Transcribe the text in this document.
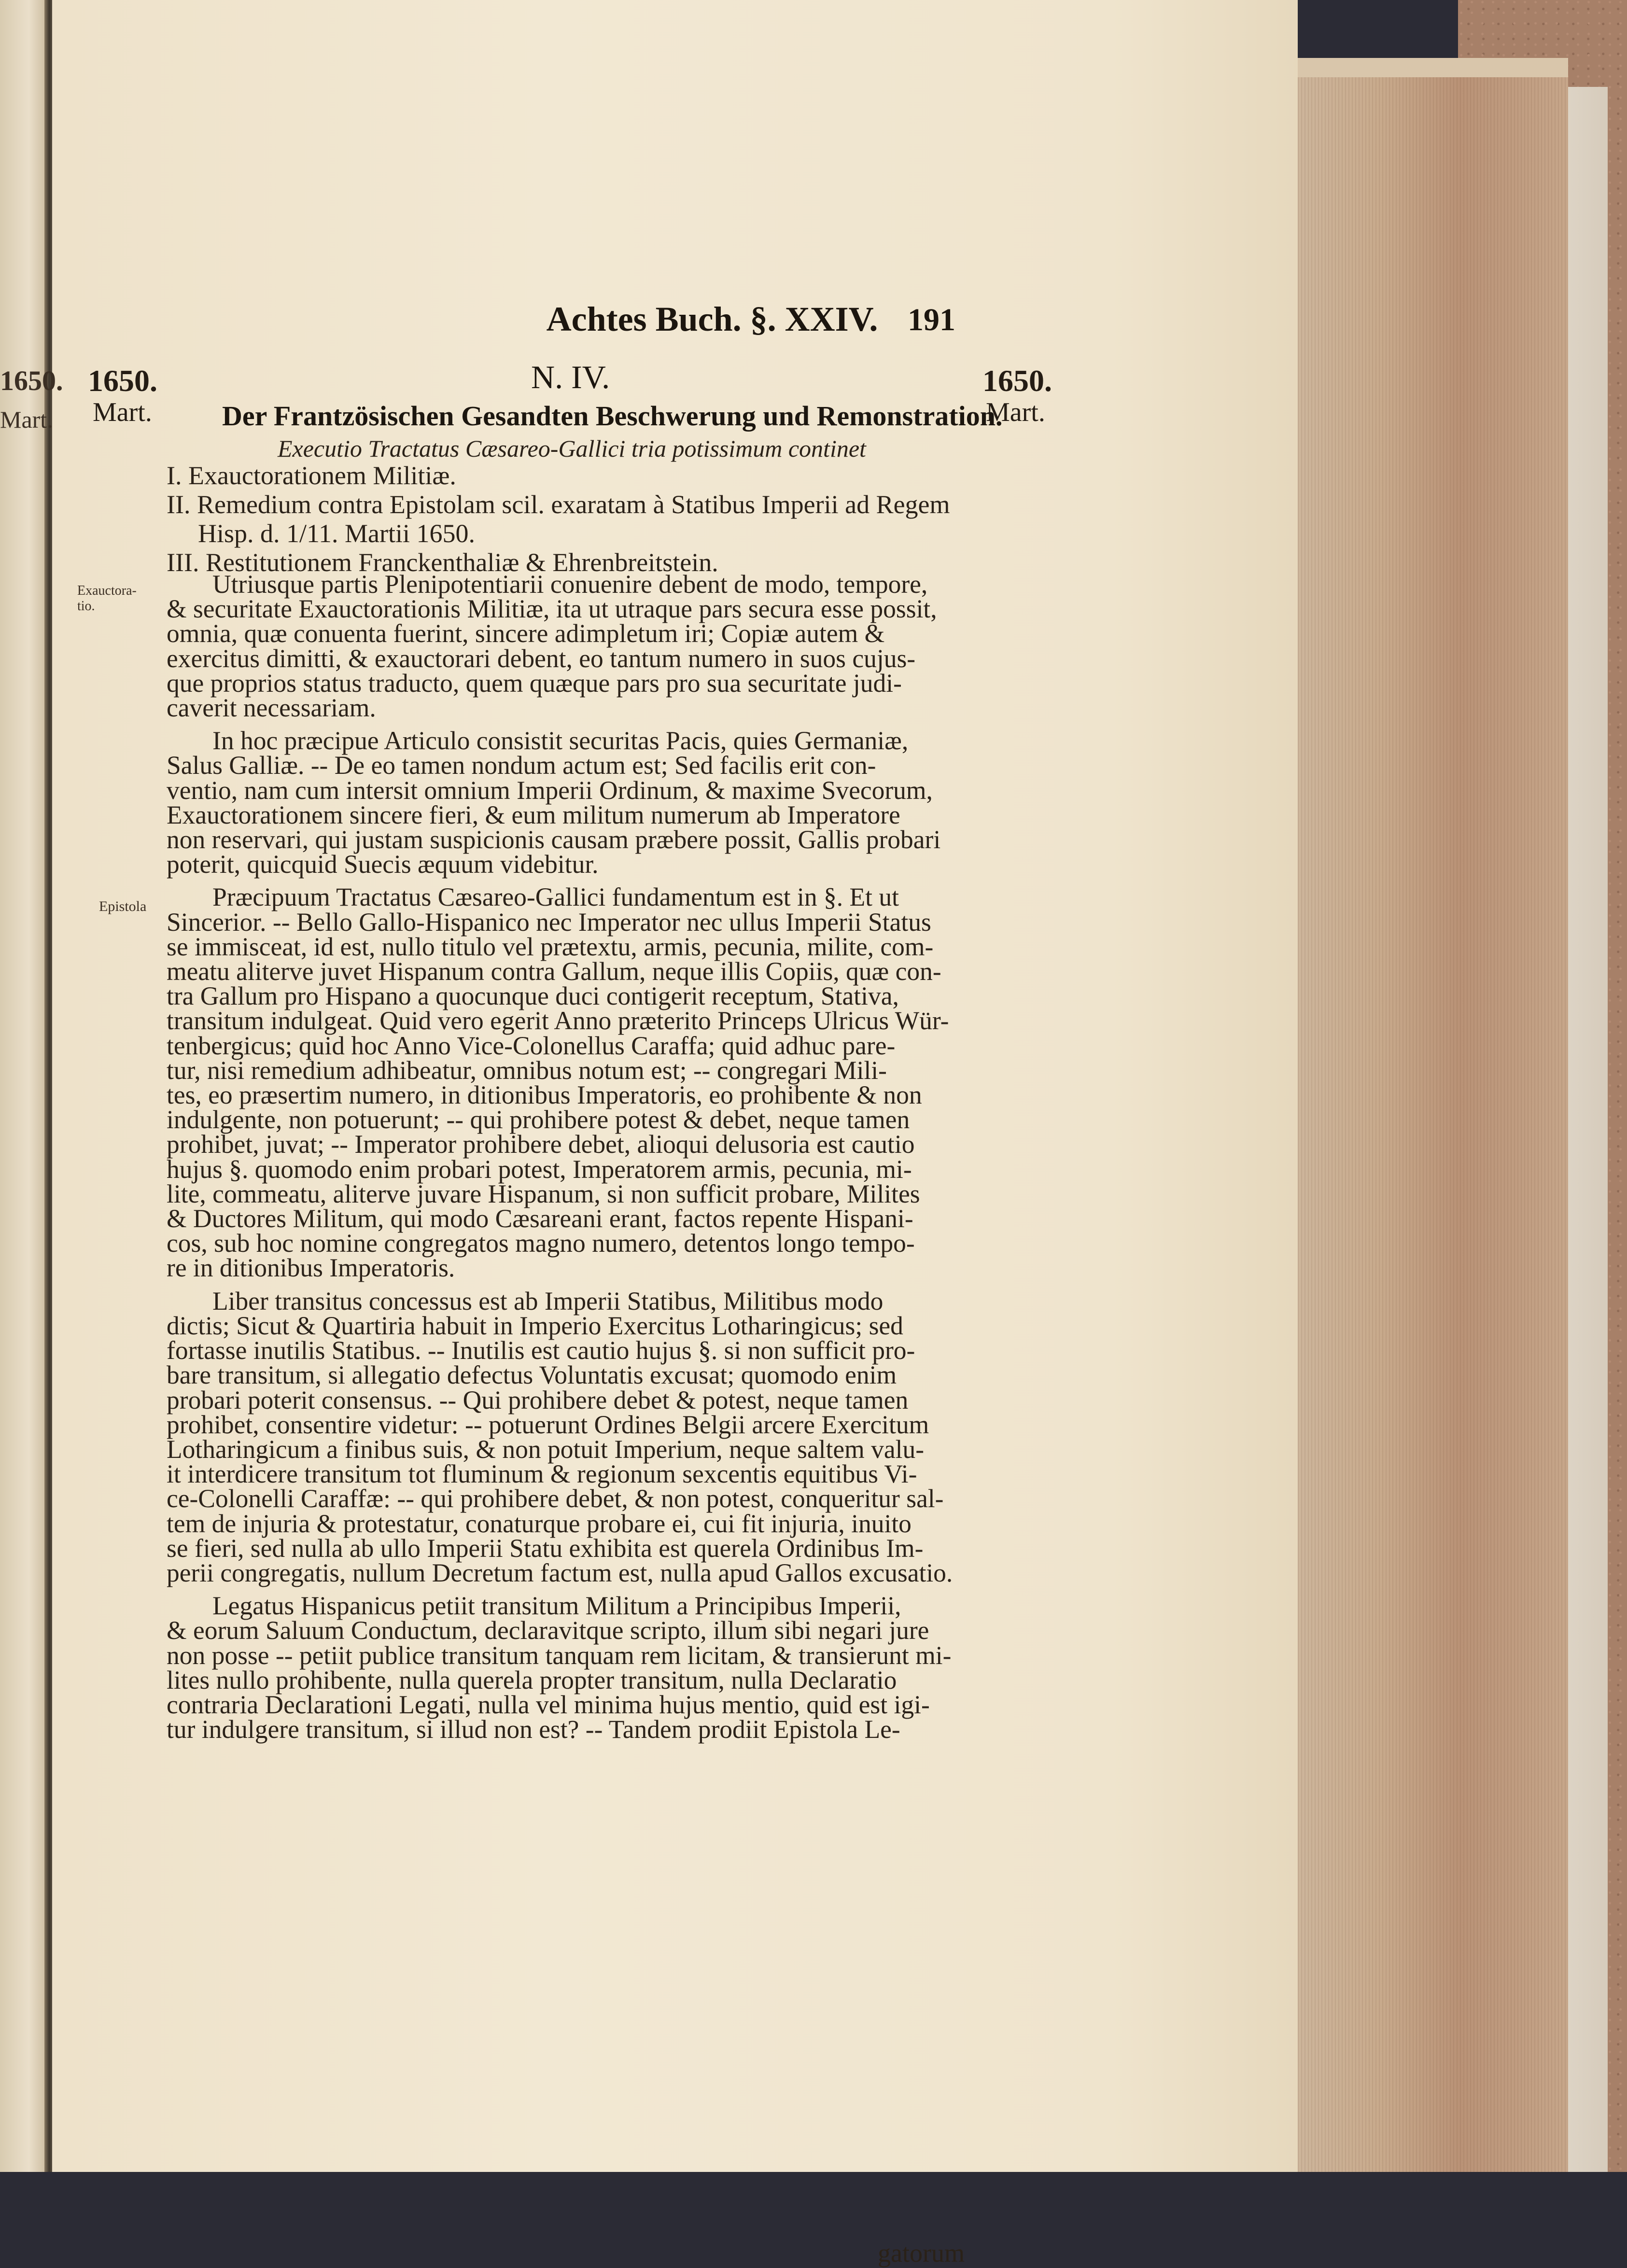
1650.
Mart.
Achtes Buch. §. XXIV. 191
1650.
Mart.
1650.
Mart.
N. IV.
Der Frantzösischen Gesandten Beschwerung und Remonstration.
Executio Tractatus Cæsareo-Gallici tria potissimum continet
I. Exauctorationem Militiæ.
II. Remedium contra Epistolam scil. exaratam à Statibus Imperii ad Regem
Hisp. d. 1/11. Martii 1650.
III. Restitutionem Franckenthaliæ & Ehrenbreitstein.
Exauctora-
tio.
Epistola
Utriusque partis Plenipotentiarii conuenire debent de modo, tempore,
& securitate Exauctorationis Militiæ, ita ut utraque pars secura esse possit,
omnia, quæ conuenta fuerint, sincere adimpletum iri; Copiæ autem &
exercitus dimitti, & exauctorari debent, eo tantum numero in suos cujus-
que proprios status traducto, quem quæque pars pro sua securitate judi-
caverit necessariam.
In hoc præcipue Articulo consistit securitas Pacis, quies Germaniæ,
Salus Galliæ. -- De eo tamen nondum actum est; Sed facilis erit con-
ventio, nam cum intersit omnium Imperii Ordinum, & maxime Svecorum,
Exauctorationem sincere fieri, & eum militum numerum ab Imperatore
non reservari, qui justam suspicionis causam præbere possit, Gallis probari
poterit, quicquid Suecis æquum videbitur.
Præcipuum Tractatus Cæsareo-Gallici fundamentum est in §. Et ut
Sincerior. -- Bello Gallo-Hispanico nec Imperator nec ullus Imperii Status
se immisceat, id est, nullo titulo vel prætextu, armis, pecunia, milite, com-
meatu aliterve juvet Hispanum contra Gallum, neque illis Copiis, quæ con-
tra Gallum pro Hispano a quocunque duci contigerit receptum, Stativa,
transitum indulgeat. Quid vero egerit Anno præterito Princeps Ulricus Wür-
tenbergicus; quid hoc Anno Vice-Colonellus Caraffa; quid adhuc pare-
tur, nisi remedium adhibeatur, omnibus notum est; -- congregari Mili-
tes, eo præsertim numero, in ditionibus Imperatoris, eo prohibente & non
indulgente, non potuerunt; -- qui prohibere potest & debet, neque tamen
prohibet, juvat; -- Imperator prohibere debet, alioqui delusoria est cautio
hujus §. quomodo enim probari potest, Imperatorem armis, pecunia, mi-
lite, commeatu, aliterve juvare Hispanum, si non sufficit probare, Milites
& Ductores Militum, qui modo Cæsareani erant, factos repente Hispani-
cos, sub hoc nomine congregatos magno numero, detentos longo tempo-
re in ditionibus Imperatoris.
Liber transitus concessus est ab Imperii Statibus, Militibus modo
dictis; Sicut & Quartiria habuit in Imperio Exercitus Lotharingicus; sed
fortasse inutilis Statibus. -- Inutilis est cautio hujus §. si non sufficit pro-
bare transitum, si allegatio defectus Voluntatis excusat; quomodo enim
probari poterit consensus. -- Qui prohibere debet & potest, neque tamen
prohibet, consentire videtur: -- potuerunt Ordines Belgii arcere Exercitum
Lotharingicum a finibus suis, & non potuit Imperium, neque saltem valu-
it interdicere transitum tot fluminum & regionum sexcentis equitibus Vi-
ce-Colonelli Caraffæ: -- qui prohibere debet, & non potest, conqueritur sal-
tem de injuria & protestatur, conaturque probare ei, cui fit injuria, inuito
se fieri, sed nulla ab ullo Imperii Statu exhibita est querela Ordinibus Im-
perii congregatis, nullum Decretum factum est, nulla apud Gallos excusatio.
Legatus Hispanicus petiit transitum Militum a Principibus Imperii,
& eorum Saluum Conductum, declaravitque scripto, illum sibi negari jure
non posse -- petiit publice transitum tanquam rem licitam, & transierunt mi-
lites nullo prohibente, nulla querela propter transitum, nulla Declaratio
contraria Declarationi Legati, nulla vel minima hujus mentio, quid est igi-
tur indulgere transitum, si illud non est? -- Tandem prodiit Epistola Le-
gatorum
